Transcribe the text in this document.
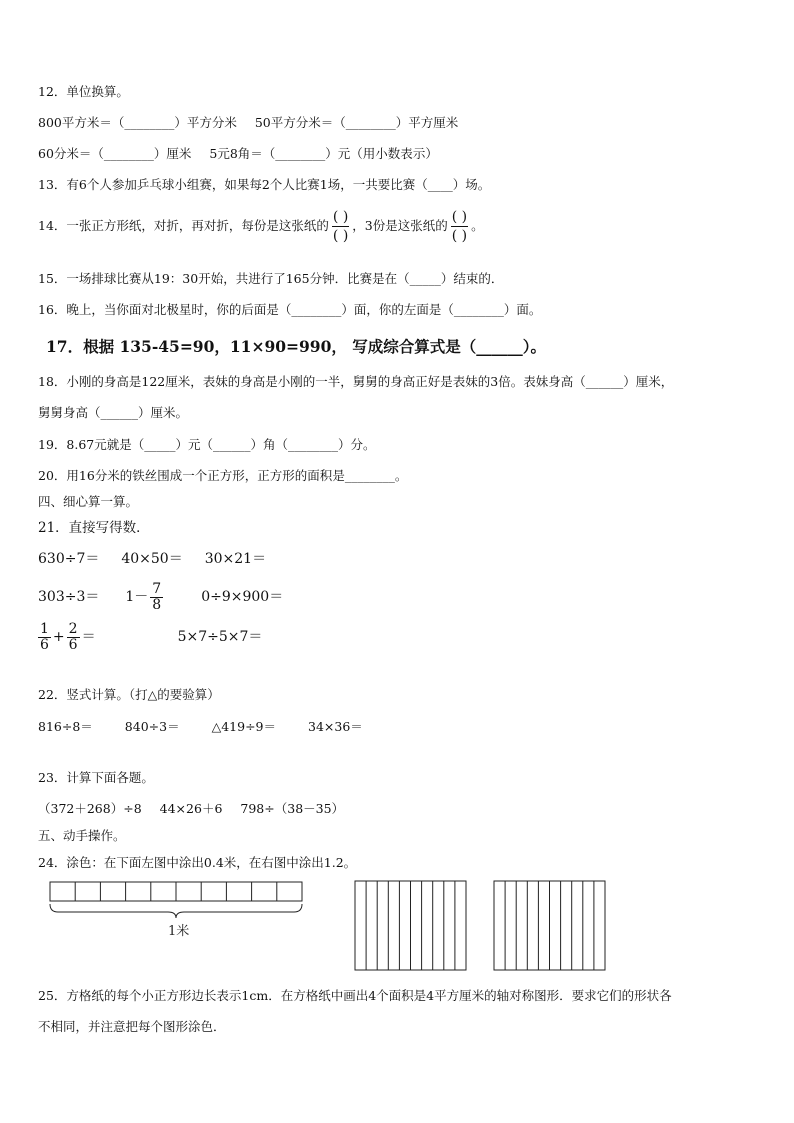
12．单位换算。
800平方米＝（________）平方分米 50平方分米＝（________）平方厘米
60分米＝（________）厘米 5元8角＝（________）元（用小数表示）
13．有6个人参加乒乓球小组赛，如果每2个人比赛1场，一共要比赛（____）场。
14．一张正方形纸，对折，再对折，每份是这张纸的
( )
( )
，3份是这张纸的
( )
( )
。
15．一场排球比赛从19：30开始，共进行了165分钟．比赛是在（_____）结束的．
16．晚上，当你面对北极星时，你的后面是（________）面，你的左面是（________）面。
17．根据 135-45=90，11×90=990， 写成综合算式是（______）。
18．小刚的身高是122厘米，表妹的身高是小刚的一半，舅舅的身高正好是表妹的3倍。表妹身高（______）厘米，
舅舅身高（______）厘米。
19．8.67元就是（_____）元（______）角（________）分。
20．用16分米的铁丝围成一个正方形，正方形的面积是________。
四、细心算一算。
21．直接写得数．
630÷7＝ 40×50＝ 30×21＝
$303\div 3= 1- \frac{7}{8}$	0÷9×900＝
$\frac{1}{6} + \frac{2}{6}$ ＝	5×7÷5×7＝
22．竖式计算。（打△的要验算）
816÷8＝	840÷3＝	△419÷9＝	34×36＝
23．计算下面各题。
（372＋268）÷8 44×26＋6 798÷（38－35）
五、动手操作。
24．涂色：在下面左图中涂出0.4米，在右图中涂出1.2。
1米
25．方格纸的每个小正方形边长表示1cm．在方格纸中画出4个面积是4平方厘米的轴对称图形．要求它们的形状各
不相同，并注意把每个图形涂色．
